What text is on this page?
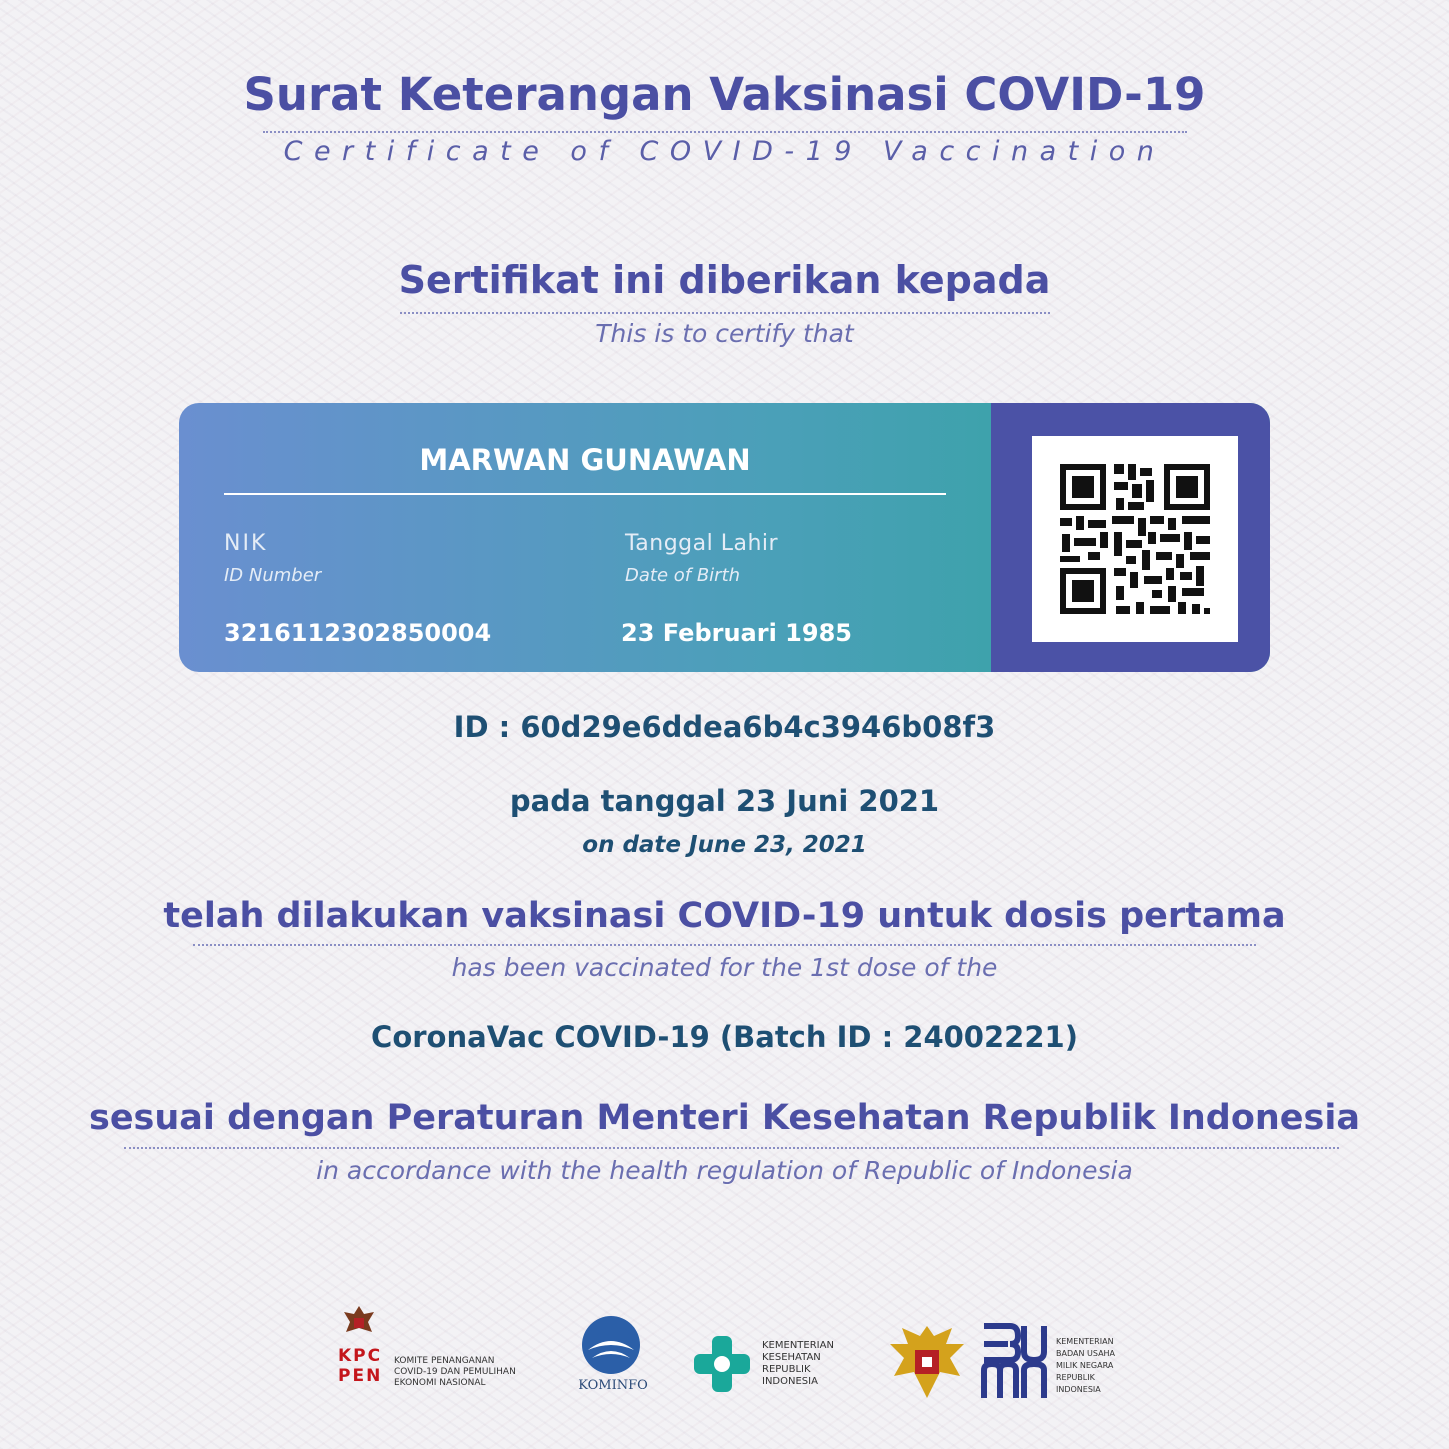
Surat Keterangan Vaksinasi COVID-19
Certificate of COVID-19 Vaccination
Sertifikat ini diberikan kepada
This is to certify that
MARWAN GUNAWAN
NIK
ID Number
3216112302850004
Tanggal Lahir
Date of Birth
23 Februari 1985
ID : 60d29e6ddea6b4c3946b08f3
pada tanggal 23 Juni 2021
on date June 23, 2021
telah dilakukan vaksinasi COVID-19 untuk dosis pertama
has been vaccinated for the 1st dose of the
CoronaVac COVID-19 (Batch ID : 24002221)
sesuai dengan Peraturan Menteri Kesehatan Republik Indonesia
in accordance with the health regulation of Republic of Indonesia
KPC
PEN
KOMITE PENANGANAN
COVID-19 DAN PEMULIHAN
EKONOMI NASIONAL	KOMINFO
KEMENTERIAN
KESEHATAN
REPUBLIK
INDONESIA
KEMENTERIAN
BADAN USAHA
MILIK NEGARA
REPUBLIK
INDONESIA
